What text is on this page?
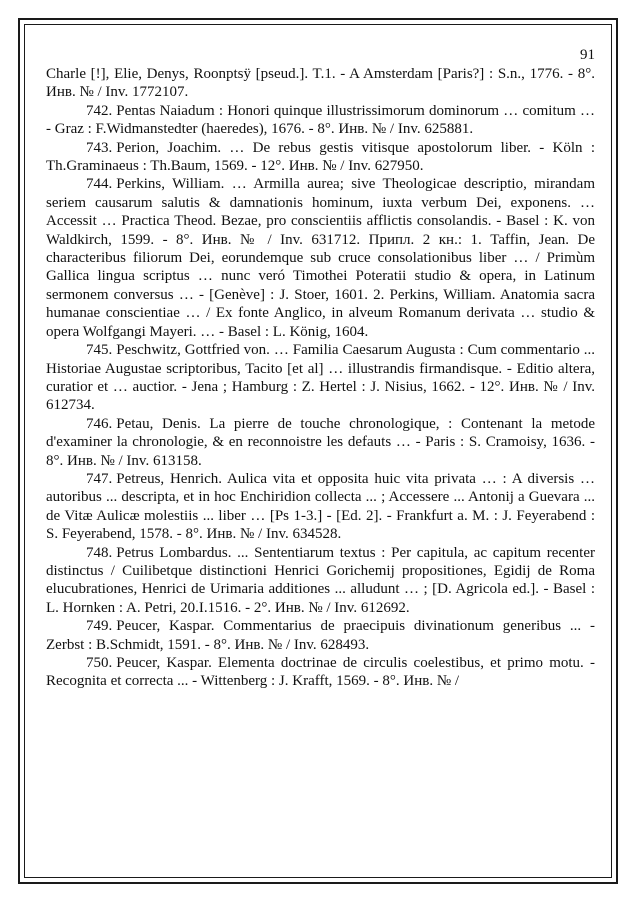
91

Charle [!], Elie, Denys, Roonptsÿ [pseud.]. T.1. - A Amsterdam [Paris?] : S.n., 1776. - 8°. Инв. № / Inv. 1772107.

742. Pentas Naiadum : Honori quinque illustrissimorum dominorum … comitum … - Graz : F.Widmanstedter (haeredes), 1676. - 8°. Инв. № / Inv. 625881.

743. Perion, Joachim. … De rebus gestis vitisque apostolorum liber. - Köln : Th.Graminaeus : Th.Baum, 1569. - 12°. Инв. № / Inv. 627950.

744. Perkins, William. … Armilla aurea; sive Theologicae descriptio, mirandam seriem causarum salutis & damnationis hominum, iuxta verbum Dei, exponens. … Accessit … Practica Theod. Bezae, pro conscientiis afflictis consolandis. - Basel : K. von Waldkirch, 1599. - 8°. Инв. № / Inv. 631712. Припл. 2 кн.: 1. Taffin, Jean. De characteribus filiorum Dei, eorundemque sub cruce consolationibus liber … / Primùm Gallica lingua scriptus … nunc veró Timothei Poteratii studio & opera, in Latinum sermonem conversus … - [Genève] : J. Stoer, 1601. 2. Perkins, William. Anatomia sacra humanae conscientiae … / Ex fonte Anglico, in alveum Romanum derivata … studio & opera Wolfgangi Mayeri. … - Basel : L. König, 1604.

745. Peschwitz, Gottfried von. … Familia Caesarum Augusta : Cum commentario ... Historiae Augustae scriptoribus, Tacito [et al] … illustrandis firmandisque. - Editio altera, curatior et … auctior. - Jena ; Hamburg : Z. Hertel : J. Nisius, 1662. - 12°. Инв. № / Inv. 612734.

746. Petau, Denis. La pierre de touche chronologique, : Contenant la metode d'examiner la chronologie, & en reconnoistre les defauts … - Paris : S. Cramoisy, 1636. - 8°. Инв. № / Inv. 613158.

747. Petreus, Henrich. Aulica vita et opposita huic vita privata … : A diversis … autoribus ... descripta, et in hoc Enchiridion collecta ... ; Accessere ... Antonij a Guevara ... de Vitæ Aulicæ molestiis ... liber … [Ps 1-3.] - [Ed. 2]. - Frankfurt a. M. : J. Feyerabend : S. Feyerabend, 1578. - 8°. Инв. № / Inv. 634528.

748. Petrus Lombardus. ... Sententiarum textus : Per capitula, ac capitum recenter distinctus / Cuilibetque distinctioni Henrici Gorichemij propositiones, Egidij de Roma elucubrationes, Henrici de Urimaria additiones ... alludunt … ; [D. Agricola ed.]. - Basel : L. Hornken : A. Petri, 20.I.1516. - 2°. Инв. № / Inv. 612692.

749. Peucer, Kaspar. Commentarius de praecipuis divinationum generibus ... - Zerbst : B.Schmidt, 1591. - 8°. Инв. № / Inv. 628493.

750. Peucer, Kaspar. Elementa doctrinae de circulis coelestibus, et primo motu. - Recognita et correcta ... - Wittenberg : J. Krafft, 1569. - 8°. Инв. № /
